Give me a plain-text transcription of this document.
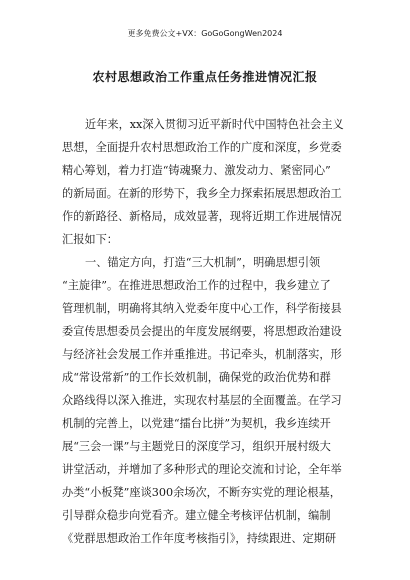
更多免费公文+VX：GoGoGongWen2024
农村思想政治工作重点任务推进情况汇报
近年来，xx深入贯彻习近平新时代中国特色社会主义
思想，全面提升农村思想政治工作的广度和深度，乡党委
精心筹划，着力打造“铸魂聚力、激发动力、紧密同心”
的新局面。在新的形势下，我乡全力探索拓展思想政治工
作的新路径、新格局，成效显著，现将近期工作进展情况
汇报如下：
一、锚定方向，打造“三大机制”，明确思想引领
“主旋律”。在推进思想政治工作的过程中，我乡建立了
管理机制，明确将其纳入党委年度中心工作，科学衔接县
委宣传思想委员会提出的年度发展纲要，将思想政治建设
与经济社会发展工作并重推进。书记牵头，机制落实，形
成“常设常新”的工作长效机制，确保党的政治优势和群
众路线得以深入推进，实现农村基层的全面覆盖。在学习
机制的完善上，以党建“擂台比拼”为契机，我乡连续开
展“三会一课”与主题党日的深度学习，组织开展村级大
讲堂活动，并增加了多种形式的理论交流和讨论，全年举
办类“小板凳”座谈300余场次，不断夯实党的理论根基，
引导群众稳步向党看齐。建立健全考核评估机制，编制
《党群思想政治工作年度考核指引》，持续跟进、定期研
